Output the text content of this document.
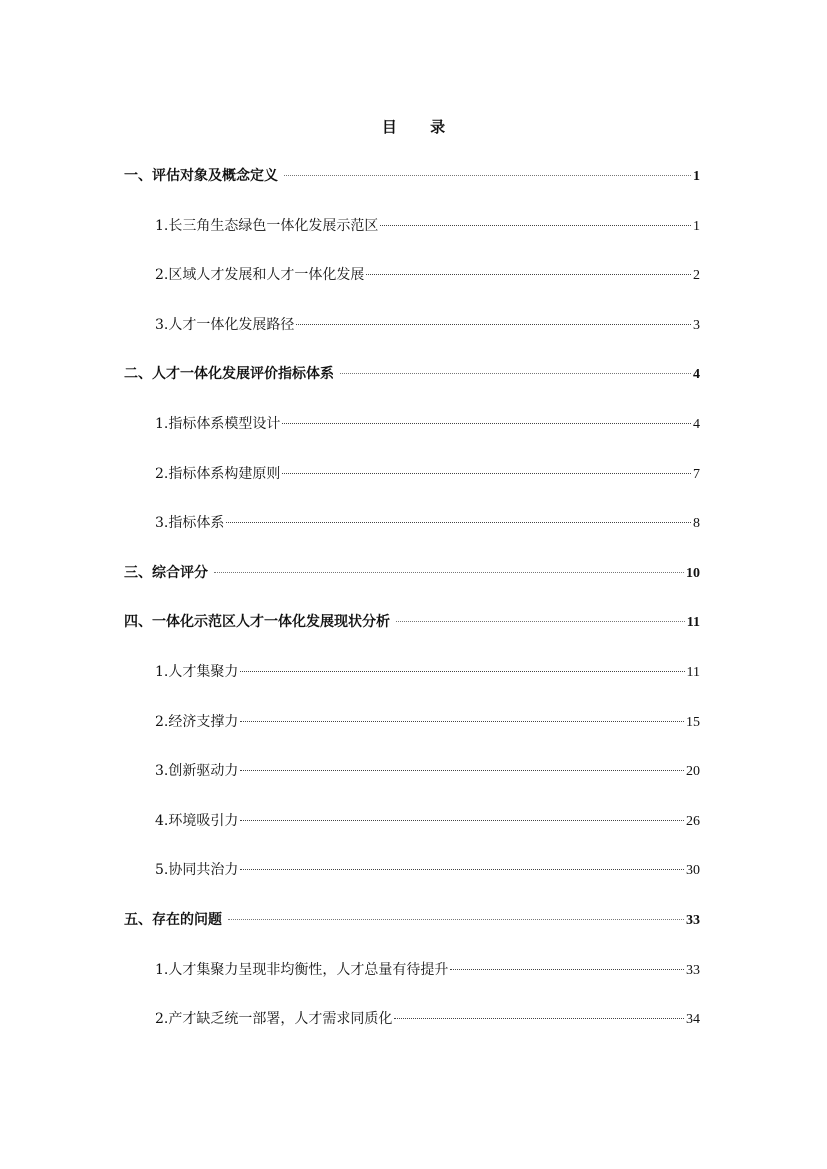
目 录
一、评估对象及概念定义	1
1.长三角生态绿色一体化发展示范区	1
2.区域人才发展和人才一体化发展	2
3.人才一体化发展路径	3
二、人才一体化发展评价指标体系	4
1.指标体系模型设计	4
2.指标体系构建原则	7
3.指标体系	8
三、综合评分	10
四、一体化示范区人才一体化发展现状分析	11
1.人才集聚力	11
2.经济支撑力	15
3.创新驱动力	20
4.环境吸引力	26
5.协同共治力	30
五、存在的问题	33
1.人才集聚力呈现非均衡性，人才总量有待提升	33
2.产才缺乏统一部署，人才需求同质化	34
